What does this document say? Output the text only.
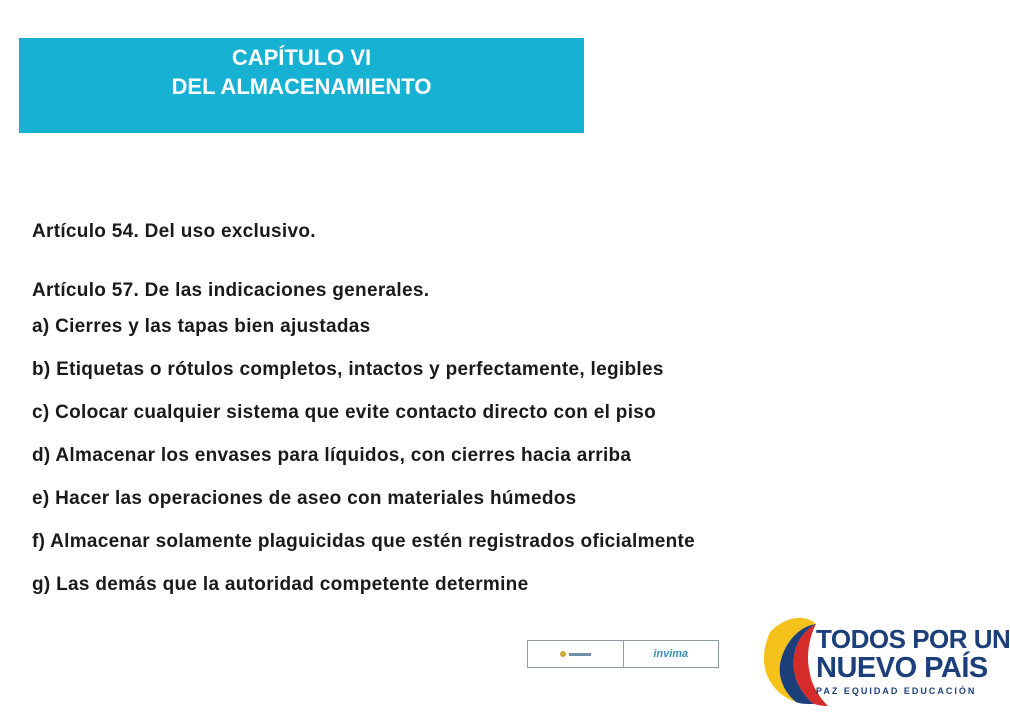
CAPÍTULO VI
DEL ALMACENAMIENTO
Artículo 54. Del uso exclusivo.
Artículo 57. De las indicaciones generales.
a) Cierres y las tapas bien ajustadas
b) Etiquetas o rótulos completos, intactos y perfectamente, legibles
c) Colocar cualquier sistema que evite contacto directo con el piso
d) Almacenar los envases para líquidos, con cierres hacia arriba
e) Hacer las operaciones de aseo con materiales húmedos
f) Almacenar solamente plaguicidas que estén registrados oficialmente
g) Las demás que la autoridad competente determine
invima	TODOS POR UN
NUEVO PAÍS
PAZ EQUIDAD EDUCACIÓN
